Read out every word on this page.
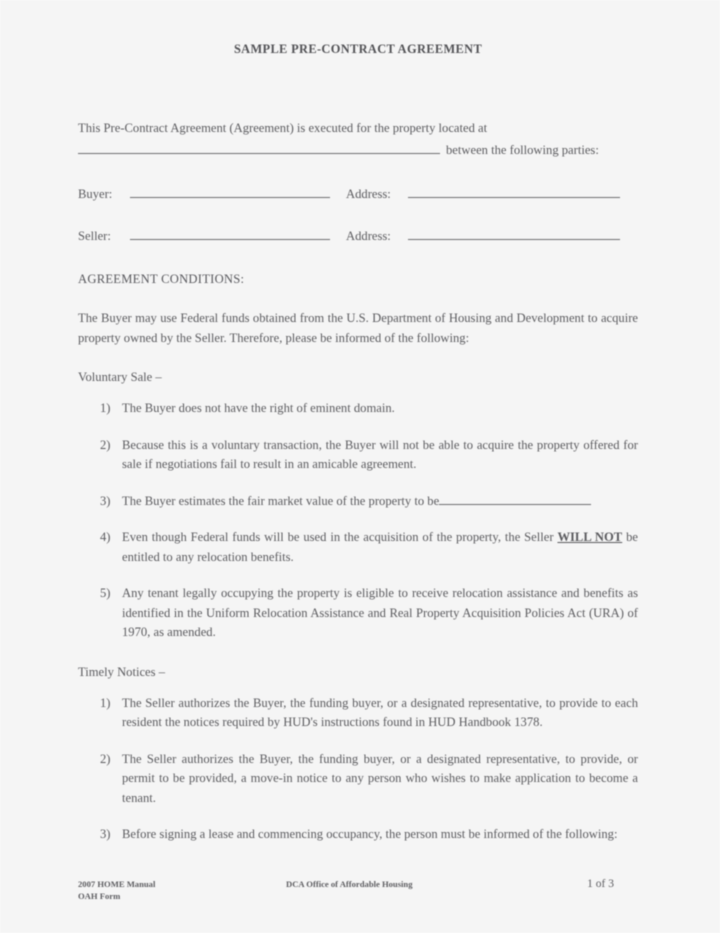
SAMPLE PRE-CONTRACT AGREEMENT
This Pre-Contract Agreement (Agreement) is executed for the property located at
between the following parties:
Buyer:	Address:
Seller:	Address:
AGREEMENT CONDITIONS:
The Buyer may use Federal funds obtained from the U.S. Department of Housing and Development to acquire property owned by the Seller. Therefore, please be informed of the following:
Voluntary Sale –
1) The Buyer does not have the right of eminent domain.
2) Because this is a voluntary transaction, the Buyer will not be able to acquire the property offered for sale if negotiations fail to result in an amicable agreement.
3) The Buyer estimates the fair market value of the property to be
4) Even though Federal funds will be used in the acquisition of the property, the Seller WILL NOT be entitled to any relocation benefits.
5) Any tenant legally occupying the property is eligible to receive relocation assistance and benefits as identified in the Uniform Relocation Assistance and Real Property Acquisition Policies Act (URA) of 1970, as amended.
Timely Notices –
1) The Seller authorizes the Buyer, the funding buyer, or a designated representative, to provide to each resident the notices required by HUD's instructions found in HUD Handbook 1378.
2) The Seller authorizes the Buyer, the funding buyer, or a designated representative, to provide, or permit to be provided, a move-in notice to any person who wishes to make application to become a tenant.
3) Before signing a lease and commencing occupancy, the person must be informed of the following:
2007 HOME Manual
OAH Form
DCA Office of Affordable Housing	1 of 3
